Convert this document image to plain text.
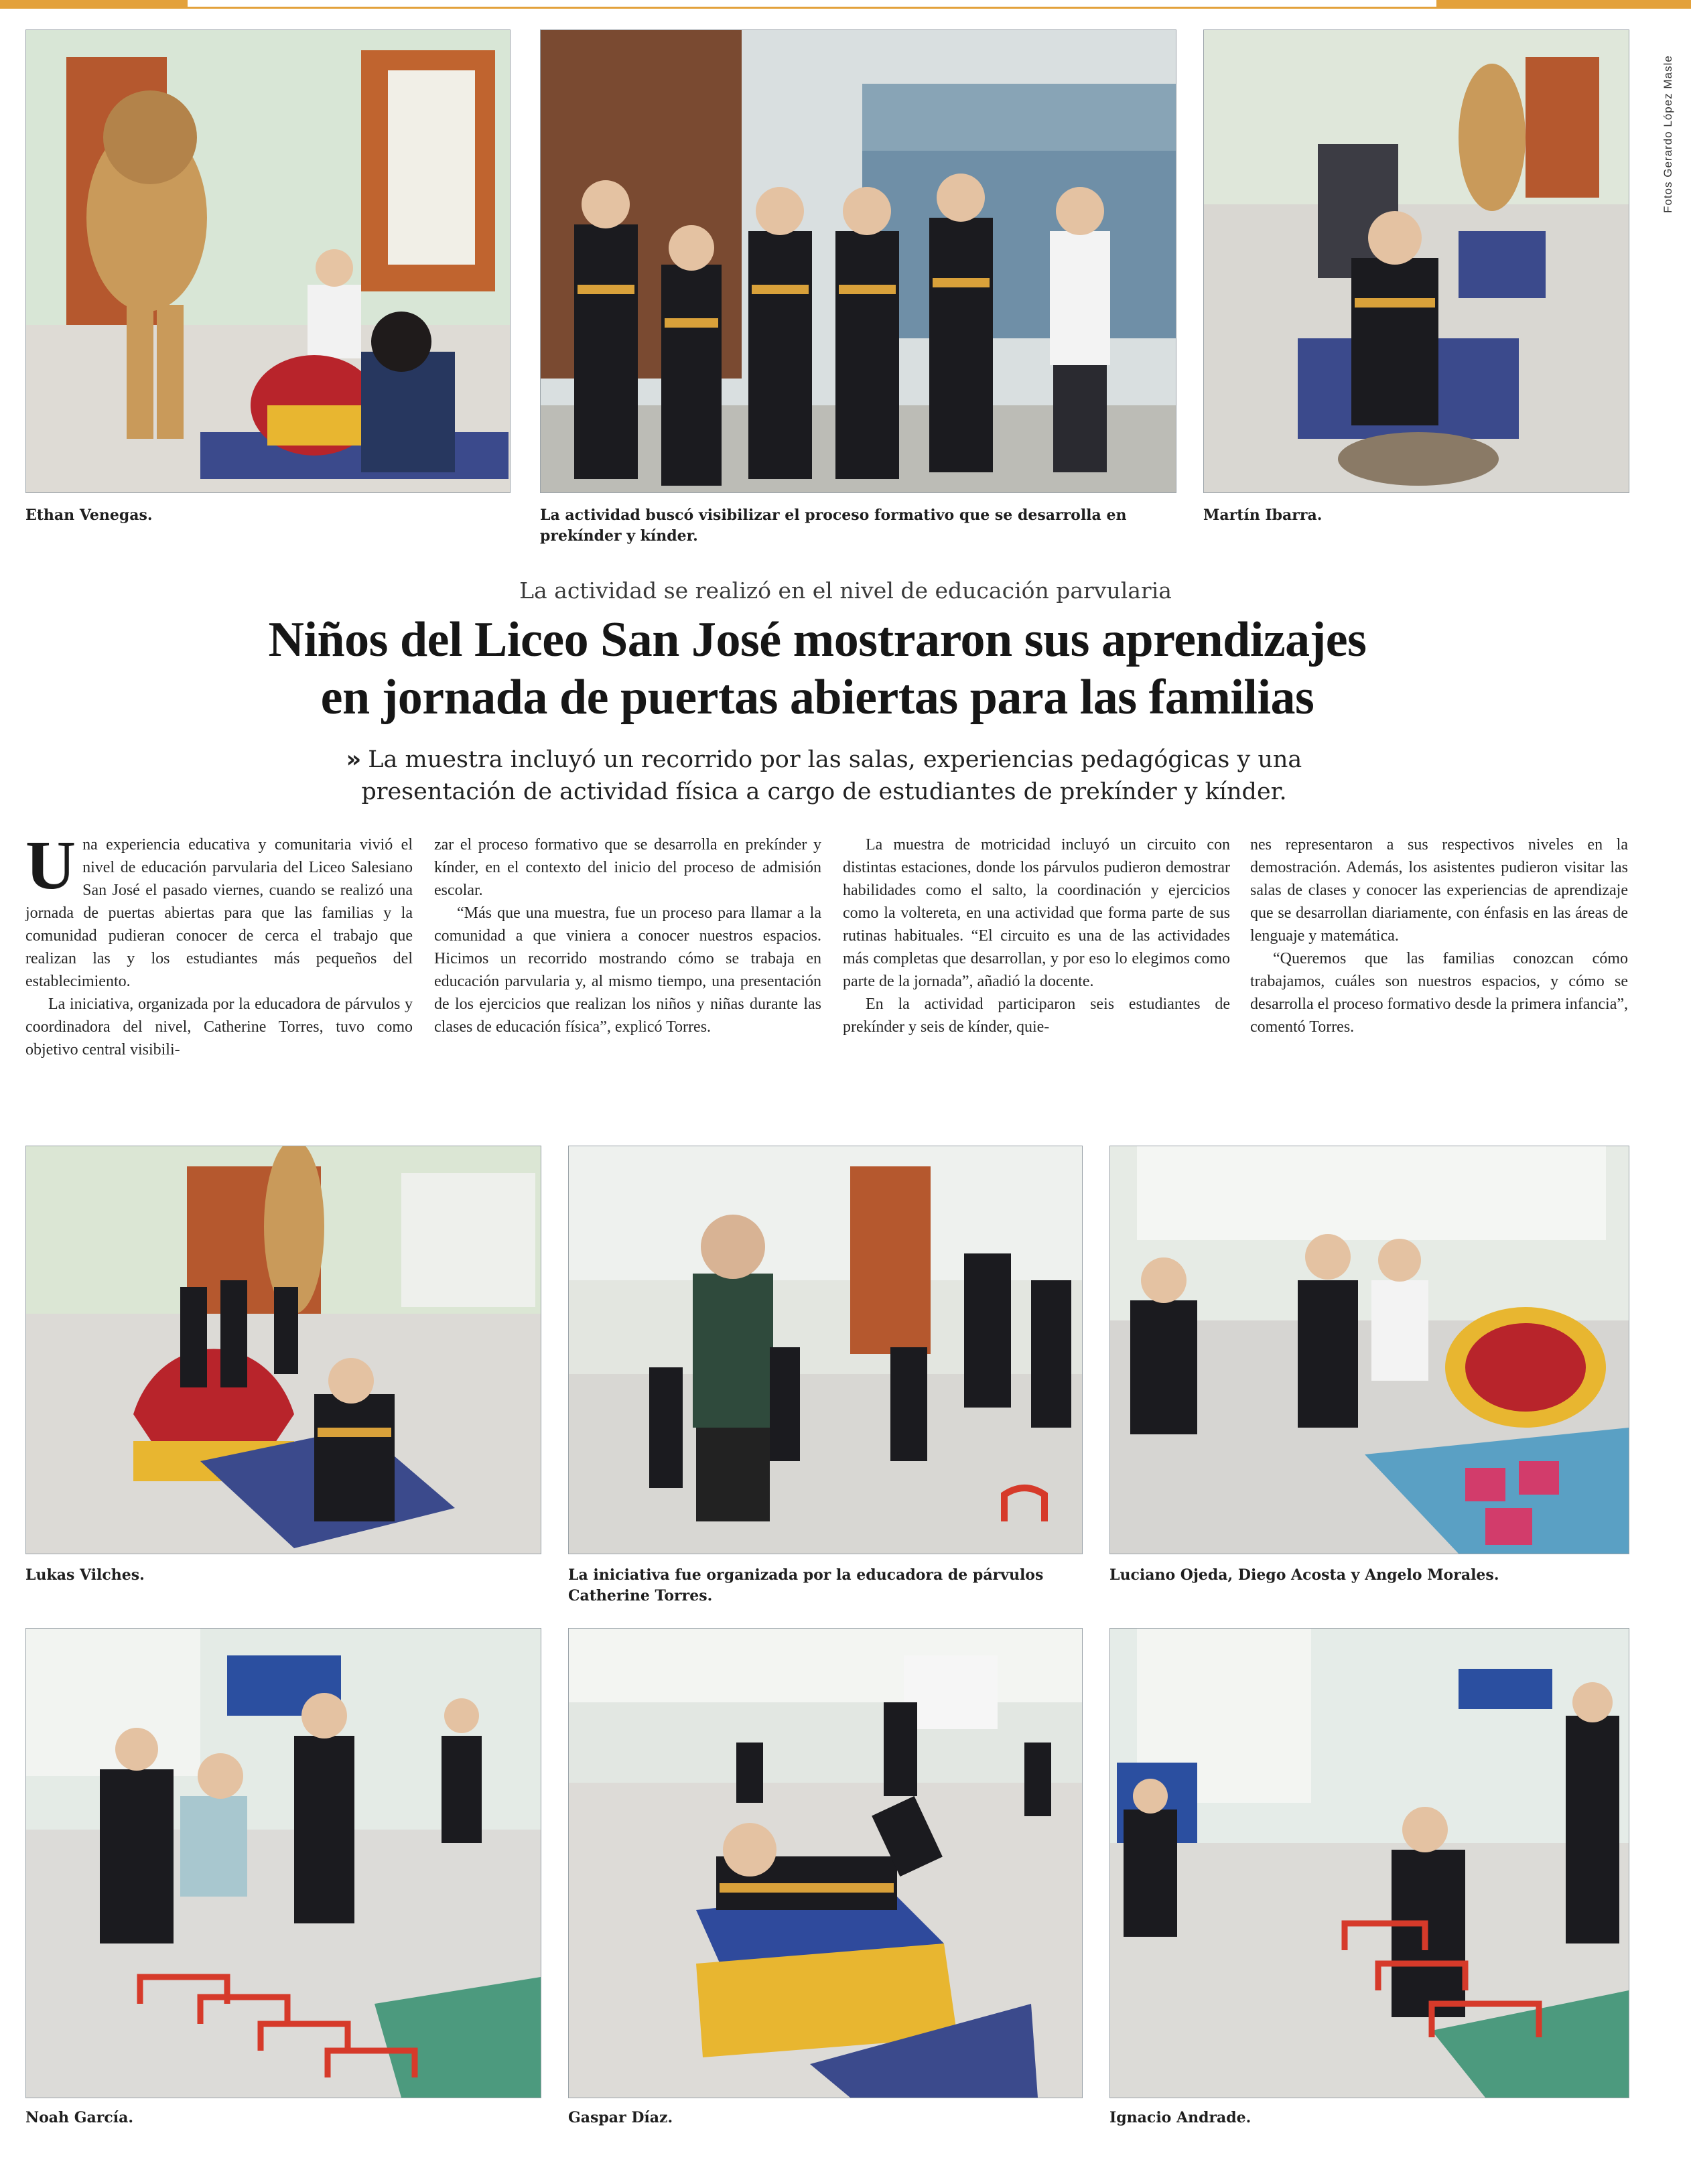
Ethan Venegas.	La actividad buscó visibilizar el proceso formativo que se desarrolla en prekínder y kínder.
Martín Ibarra.
Fotos Gerardo López Masle
La actividad se realizó en el nivel de educación parvularia
Niños del Liceo San José mostraron sus aprendizajes
en jornada de puertas abiertas para las familias
» La muestra incluyó un recorrido por las salas, experiencias pedagógicas y una
presentación de actividad física a cargo de estudiantes de prekínder y kínder.

Una experiencia educativa y comunitaria vivió el nivel de educación parvularia del Liceo Salesiano San José el pasado viernes, cuando se realizó una jornada de puertas abiertas para que las familias y la comunidad pudieran conocer de cerca el trabajo que realizan las y los estudiantes más pequeños del establecimiento.

La iniciativa, organizada por la educadora de párvulos y coordinadora del nivel, Catherine Torres, tuvo como objetivo central visibili-

zar el proceso formativo que se desarrolla en prekínder y kínder, en el contexto del inicio del proceso de admisión escolar.

“Más que una muestra, fue un proceso para llamar a la comunidad a que viniera a conocer nuestros espacios. Hicimos un recorrido mostrando cómo se trabaja en educación parvularia y, al mismo tiempo, una presentación de los ejercicios que realizan los niños y niñas durante las clases de educación física”, explicó Torres.

La muestra de motricidad incluyó un circuito con distintas estaciones, donde los párvulos pudieron demostrar habilidades como el salto, la coordinación y ejercicios como la voltereta, en una actividad que forma parte de sus rutinas habituales. “El circuito es una de las actividades más completas que desarrollan, y por eso lo elegimos como parte de la jornada”, añadió la docente.

En la actividad participaron seis estudiantes de prekínder y seis de kínder, quie-

nes representaron a sus respectivos niveles en la demostración. Además, los asistentes pudieron visitar las salas de clases y conocer las experiencias de aprendizaje que se desarrollan diariamente, con énfasis en las áreas de lenguaje y matemática.

“Queremos que las familias conozcan cómo trabajamos, cuáles son nuestros espacios, y cómo se desarrolla el proceso formativo desde la primera infancia”, comentó Torres.

Lukas Vilches.	La iniciativa fue organizada por la educadora de párvulos Catherine Torres.
Luciano Ojeda, Diego Acosta y Angelo Morales.
Noah García.	Gaspar Díaz.	Ignacio Andrade.
